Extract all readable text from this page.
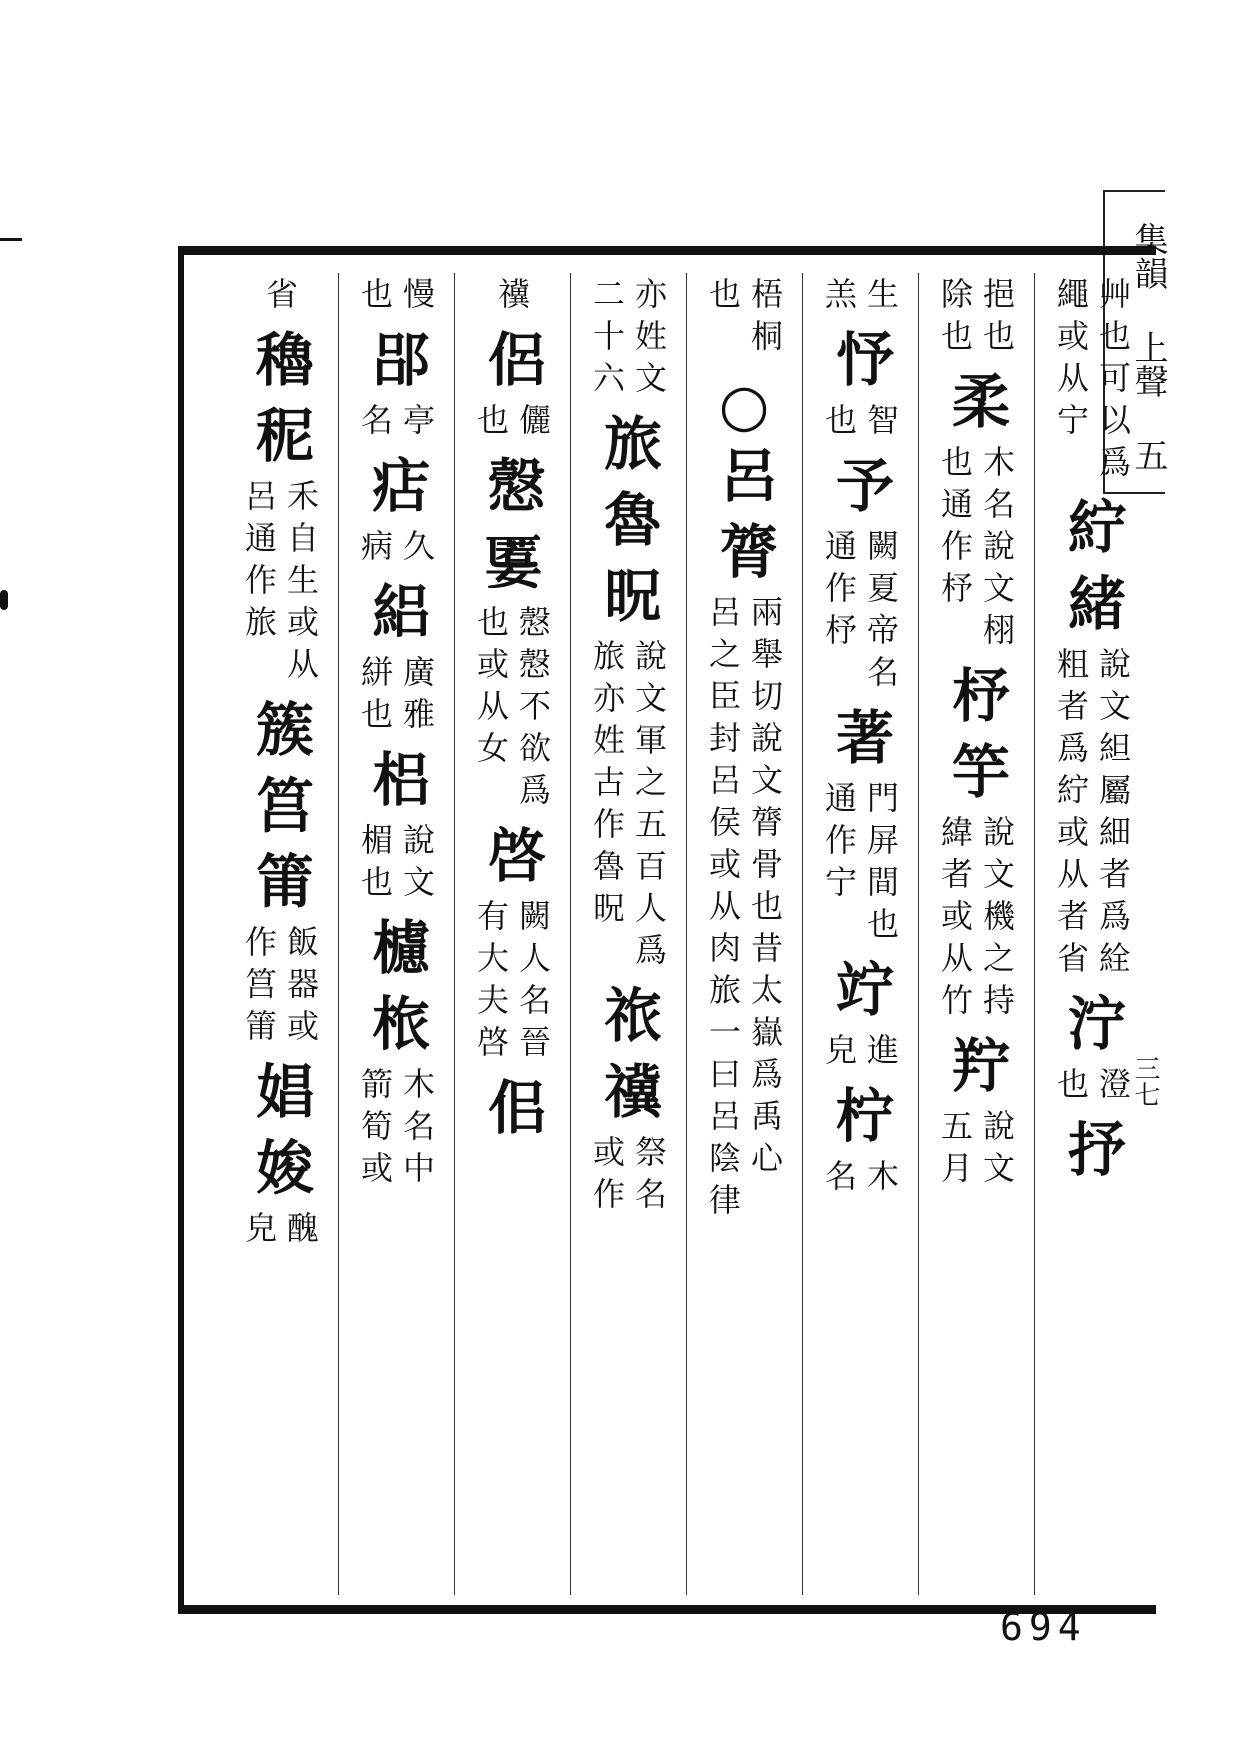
集韻 上聲 五
三七
艸也可以爲
繩或从宁
紵
緒
說文䋎屬細者爲絟
粗者爲紵或从者省
泞
澄
也
抒
挹也
除也
柔
木名說文栩
也通作杼
杼
竽
說文機之持
緯者或从竹
羜
說文
五月
生
羔
忬
智
也
予
闕夏帝名
通作杼
著
門屏間也
通作宁
竚
進
皃
柠
木
名
梧桐
也
○呂
膂
兩舉切說文膂骨也昔太嶽爲禹心
呂之臣封呂侯或从肉旅一曰呂陰律
亦姓文
二十六
旅
魯
㫛
說文軍之五百人爲
旅亦姓古作魯㫛
祣
𥜥
祭名
或作
𥜥
侶
儷
也
𢡱
𡠷
𢡱𢡱不欲爲
也或从女
啓
闕人名晉
有大夫啓
佀
慢
也
郘
亭
名
痁
久
病
絽
廣雅
絣也
梠
說文
楣也
櫖
㭚
木名中
箭筍或
省
穭
秜
禾自生或从
呂通作旅
簇
筥
𥮉
飯器或
作筥𥮉
娼
㛖
醜
皃
694
